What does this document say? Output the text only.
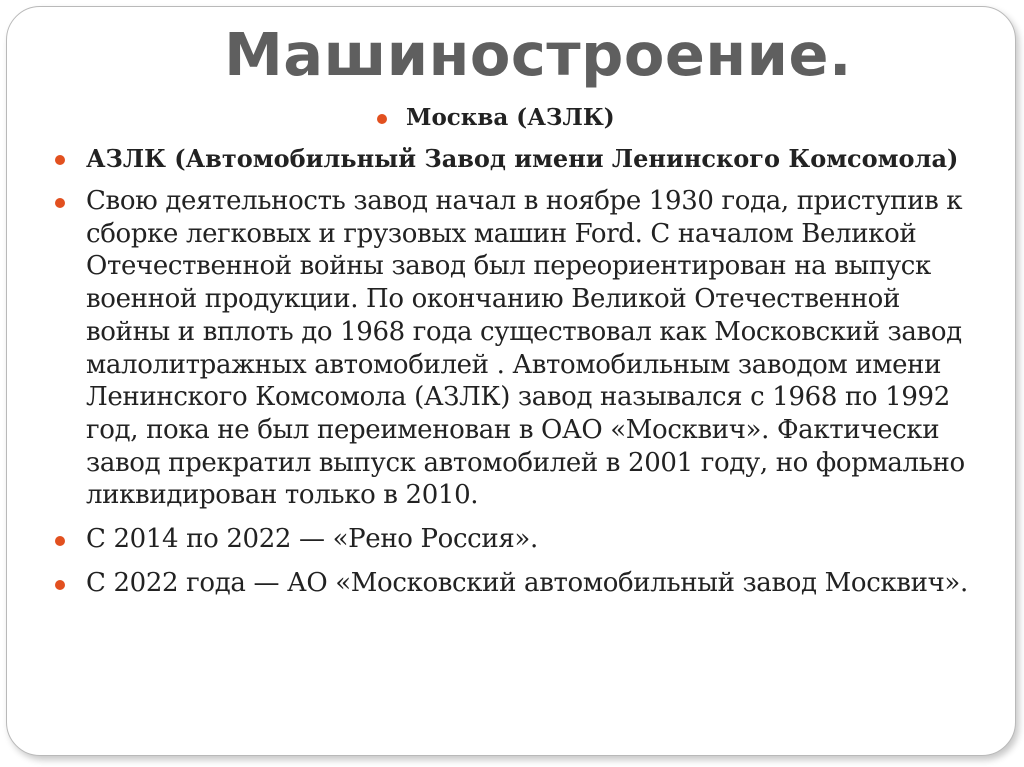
Машиностроение.
Москва (АЗЛК)
АЗЛК (Автомобильный Завод имени Ленинского Комсомола)
Свою деятельность завод начал в ноябре 1930 года, приступив к сборке легковых и грузовых машин Ford. С началом Великой Отечественной войны завод был переориентирован на выпуск военной продукции. По окончанию Великой Отечественной войны и вплоть до 1968 года существовал как Московский завод малолитражных автомобилей . Автомобильным заводом имени Ленинского Комсомола (АЗЛК) завод назывался с 1968 по 1992 год, пока не был переименован в ОАО «Москвич». Фактически завод прекратил выпуск автомобилей в 2001 году, но формально ликвидирован только в 2010.
С 2014 по 2022 — «Рено Россия».
С 2022 года — АО «Московский автомобильный завод Москвич».
